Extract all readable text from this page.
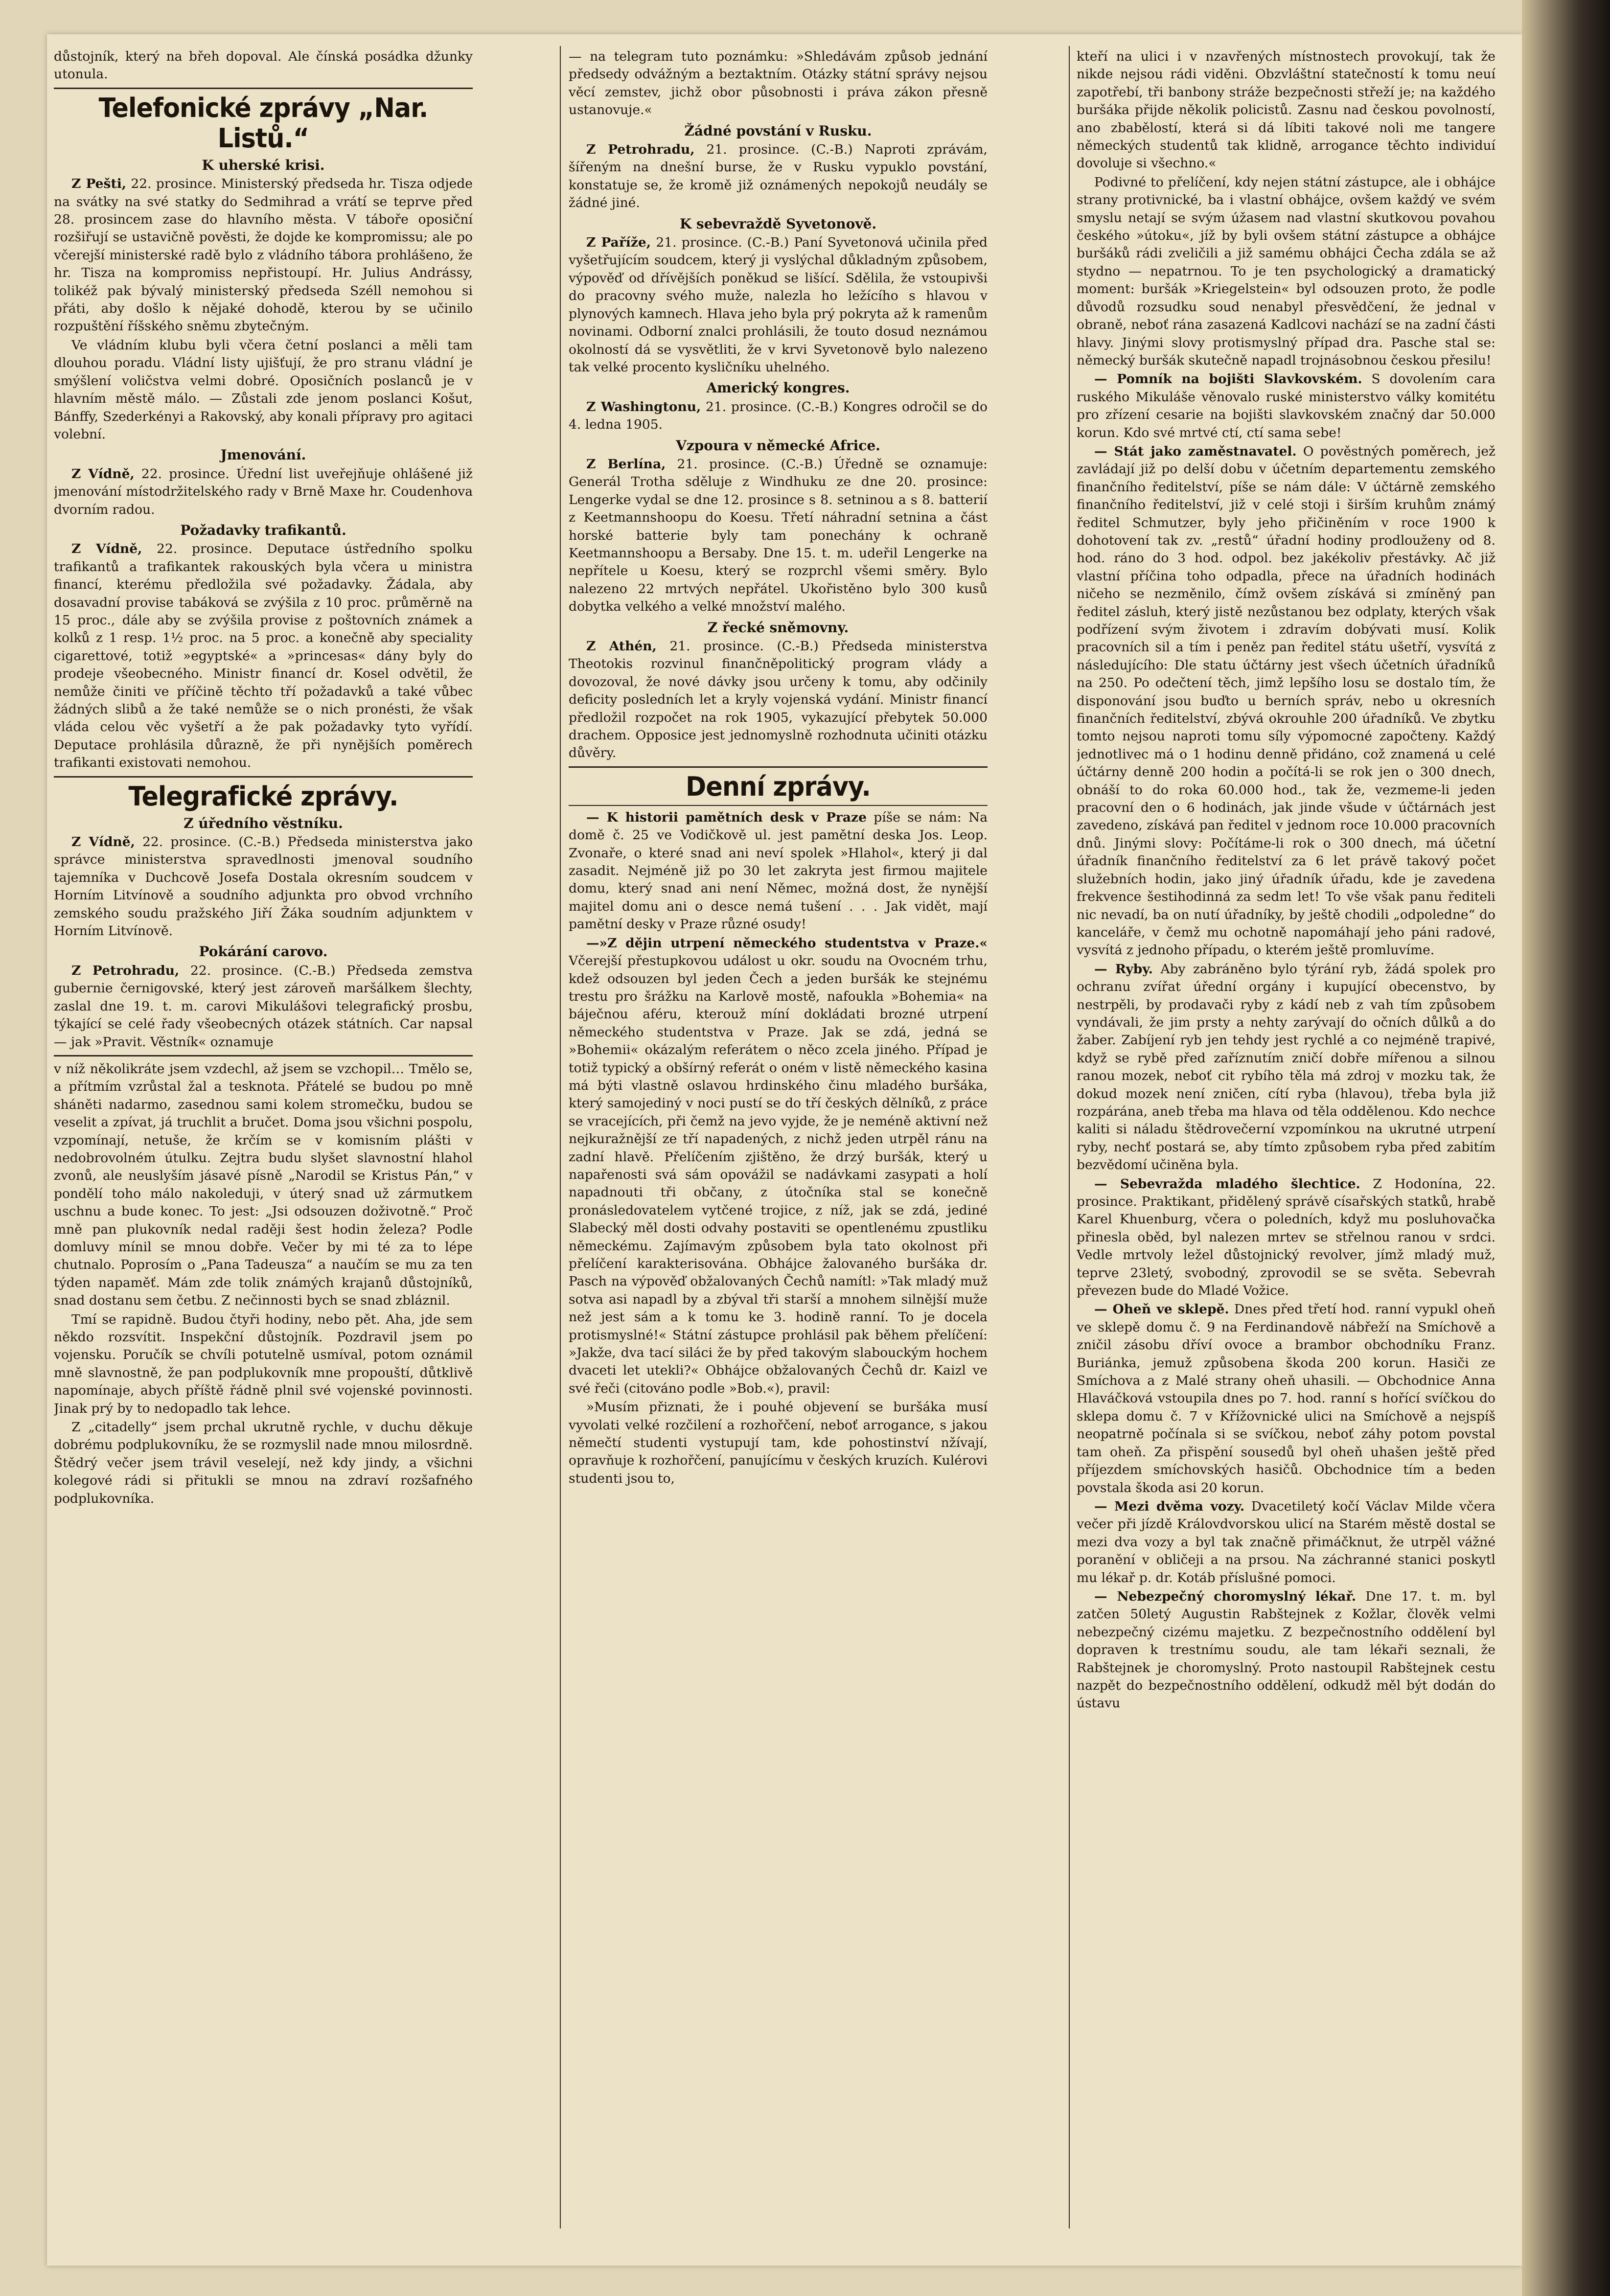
důstojník, který na břeh dopoval. Ale čínská posádka džunky utonula.

Telefonické zprávy „Nar. Listů.“
K uherské krisi.

Z Pešti, 22. prosince. Ministerský předseda hr. Tisza odjede na svátky na své statky do Sedmihrad a vrátí se teprve před 28. prosincem zase do hlavního města. V táboře oposiční rozšiřují se ustavičně pověsti, že dojde ke kompromissu; ale po včerejší ministerské radě bylo z vládního tábora prohlášeno, že hr. Tisza na kompromiss nepřistoupí. Hr. Julius Andrássy, tolikéž pak bývalý ministerský předseda Széll nemohou si přáti, aby došlo k nějaké dohodě, kterou by se učinilo rozpuštění říšského sněmu zbytečným.

Ve vládním klubu byli včera četní poslanci a měli tam dlouhou poradu. Vládní listy ujišťují, že pro stranu vládní je smýšlení voličstva velmi dobré. Oposičních poslanců je v hlavním městě málo. — Zůstali zde jenom poslanci Košut, Bánffy, Szederkényi a Rakovský, aby konali přípravy pro agitaci volební.

Jmenování.

Z Vídně, 22. prosince. Úřední list uveřejňuje ohlášené již jmenování místodržitelského rady v Brně Maxe hr. Coudenhova dvorním radou.

Požadavky trafikantů.

Z Vídně, 22. prosince. Deputace ústředního spolku trafikantů a trafikantek rakouských byla včera u ministra financí, kterému předložila své požadavky. Žádala, aby dosavadní provise tabáková se zvýšila z 10 proc. průměrně na 15 proc., dále aby se zvýšila provise z poštovních známek a kolků z 1 resp. 1½ proc. na 5 proc. a konečně aby speciality cigarettové, totiž »egyptské« a »princesas« dány byly do prodeje všeobecného. Ministr financí dr. Kosel odvětil, že nemůže činiti ve příčině těchto tří požadavků a také vůbec žádných slibů a že také nemůže se o nich pronésti, že však vláda celou věc vyšetří a že pak požadavky tyto vyřídí. Deputace prohlásila důrazně, že při nynějších poměrech trafikanti existovati nemohou.

Telegrafické zprávy.
Z úředního věstníku.

Z Vídně, 22. prosince. (C.-B.) Předseda ministerstva jako správce ministerstva spravedlnosti jmenoval soudního tajemníka v Duchcově Josefa Dostala okresním soudcem v Horním Litvínově a soudního adjunkta pro obvod vrchního zemského soudu pražského Jiří Žáka soudním adjunktem v Horním Litvínově.

Pokárání carovo.

Z Petrohradu, 22. prosince. (C.-B.) Předseda zemstva gubernie černigovské, který jest zároveň maršálkem šlechty, zaslal dne 19. t. m. carovi Mikulášovi telegrafický prosbu, týkající se celé řady všeobecných otázek státních. Car napsal — jak »Pravit. Věstník« oznamuje

v níž několikráte jsem vzdechl, až jsem se vzchopil… Tmělo se, a přítmím vzrůstal žal a tesknota. Přátelé se budou po mně sháněti nadarmo, zasednou sami kolem stromečku, budou se veselit a zpívat, já truchlit a bručet. Doma jsou všichni pospolu, vzpomínají, netuše, že krčím se v komisním plášti v nedobrovolném útulku. Zejtra budu slyšet slavnostní hlahol zvonů, ale neuslyším jásavé písně „Narodil se Kristus Pán,“ v pondělí toho málo nakoleduji, v úterý snad už zármutkem uschnu a bude konec. To jest: „Jsi odsouzen doživotně.“ Proč mně pan plukovník nedal raději šest hodin železa? Podle domluvy mínil se mnou dobře. Večer by mi té za to lépe chutnalo. Poprosím o „Pana Tadeusza“ a naučím se mu za ten týden napaměť. Mám zde tolik známých krajanů důstojníků, snad dostanu sem četbu. Z nečinnosti bych se snad zbláznil.

Tmí se rapidně. Budou čtyři hodiny, nebo pět. Aha, jde sem někdo rozsvítit. Inspekční důstojník. Pozdravil jsem po vojensku. Poručík se chvíli potutelně usmíval, potom oznámil mně slavnostně, že pan podplukovník mne propouští, důtklivě napomínaje, abych příště řádně plnil své vojenské povinnosti. Jinak prý by to nedopadlo tak lehce.

Z „citadelly“ jsem prchal ukrutně rychle, v duchu děkuje dobrému podplukovníku, že se rozmyslil nade mnou milosrdně. Štědrý večer jsem trávil veselejí, než kdy jindy, a všichni kolegové rádi si přitukli se mnou na zdraví rozšafného podplukovníka.

— na telegram tuto poznámku: »Shledávám způsob jednání předsedy odvážným a beztaktním. Otázky státní správy nejsou věcí zemstev, jichž obor působnosti i práva zákon přesně ustanovuje.«

Žádné povstání v Rusku.

Z Petrohradu, 21. prosince. (C.-B.) Naproti zprávám, šířeným na dnešní burse, že v Rusku vypuklo povstání, konstatuje se, že kromě již oznámených nepokojů neudály se žádné jiné.

K sebevraždě Syvetonově.

Z Paříže, 21. prosince. (C.-B.) Paní Syvetonová učinila před vyšetřujícím soudcem, který ji vyslýchal důkladným způsobem, výpověď od dřívějších poněkud se lišící. Sdělila, že vstoupivši do pracovny svého muže, nalezla ho ležícího s hlavou v plynových kamnech. Hlava jeho byla prý pokryta až k ramenům novinami. Odborní znalci prohlásili, že touto dosud neznámou okolností dá se vysvětliti, že v krvi Syvetonově bylo nalezeno tak velké procento kysličníku uhelného.

Americký kongres.

Z Washingtonu, 21. prosince. (C.-B.) Kongres odročil se do 4. ledna 1905.

Vzpoura v německé Africe.

Z Berlína, 21. prosince. (C.-B.) Úředně se oznamuje: Generál Trotha sděluje z Windhuku ze dne 20. prosince: Lengerke vydal se dne 12. prosince s 8. setninou a s 8. batterií z Keetmannshoopu do Koesu. Třetí náhradní setnina a část horské batterie byly tam ponechány k ochraně Keetmannshoopu a Bersaby. Dne 15. t. m. udeřil Lengerke na nepřítele u Koesu, který se rozprchl všemi směry. Bylo nalezeno 22 mrtvých nepřátel. Ukořistěno bylo 300 kusů dobytka velkého a velké množství malého.

Z řecké sněmovny.

Z Athén, 21. prosince. (C.-B.) Předseda ministerstva Theotokis rozvinul finančněpolitický program vlády a dovozoval, že nové dávky jsou určeny k tomu, aby odčinily deficity posledních let a kryly vojenská vydání. Ministr financí předložil rozpočet na rok 1905, vykazující přebytek 50.000 drachem. Opposice jest jednomyslně rozhodnuta učiniti otázku důvěry.

Denní zprávy.

— K historii pamětních desk v Praze píše se nám: Na domě č. 25 ve Vodičkově ul. jest pamětní deska Jos. Leop. Zvonaře, o které snad ani neví spolek »Hlahol«, který ji dal zasadit. Nejméně již po 30 let zakryta jest firmou majitele domu, který snad ani není Němec, možná dost, že nynější majitel domu ani o desce nemá tušení . . . Jak vidět, mají pamětní desky v Praze různé osudy!

—»Z dějin utrpení německého studentstva v Praze.« Včerejší přestupkovou událost u okr. soudu na Ovocném trhu, kdež odsouzen byl jeden Čech a jeden buršák ke stejnému trestu pro šrážku na Karlově mostě, nafoukla »Bohemia« na báječnou aféru, kterouž míní dokládati brozné utrpení německého studentstva v Praze. Jak se zdá, jedná se »Bohemii« okázalým referátem o něco zcela jiného. Případ je totiž typický a obšírný referát o oném v listě německého kasina má býti vlastně oslavou hrdinského činu mladého buršáka, který samojediný v noci pustí se do tří českých dělníků, z práce se vracejících, při čemž na jevo vyjde, že je neméně aktivní než nejkuražnější ze tří napadených, z nichž jeden utrpěl ránu na zadní hlavě. Přelíčením zjištěno, že drzý buršák, který u napařenosti svá sám opovážil se nadávkami zasypati a holí napadnouti tři občany, z útočníka stal se konečně pronásledovatelem vytčené trojice, z níž, jak se zdá, jediné Slabecký měl dosti odvahy postaviti se opentlenému zpustliku německému. Zajímavým způsobem byla tato okolnost při přelíčení karakterisována. Obhájce žalovaného buršáka dr. Pasch na výpověď obžalovaných Čechů namítl: »Tak mladý muž sotva asi napadl by a zbýval tři starší a mnohem silnější muže než jest sám a k tomu ke 3. hodině ranní. To je docela protismyslné!« Státní zástupce prohlásil pak během přelíčení: »Jakže, dva tací siláci že by před takovým slabouckým hochem dvaceti let utekli?« Obhájce obžalovaných Čechů dr. Kaizl ve své řeči (citováno podle »Bob.«), pravil:

»Musím přiznati, že i pouhé objevení se buršáka musí vyvolati velké rozčilení a rozhořčení, neboť arrogance, s jakou němečtí studenti vystupují tam, kde pohostinství nžívají, opravňuje k rozhořčení, panujícímu v českých kruzích. Kulérovi studenti jsou to,

kteří na ulici i v nzavřených místnostech provokují, tak že nikde nejsou rádi viděni. Obzvláštní statečností k tomu neuí zapotřebí, tři banbony stráže bezpečnosti střeží je; na každého buršáka přijde několik policistů. Zasnu nad českou povolností, ano zbabělostí, která si dá líbiti takové noli me tangere německých studentů tak klidně, arrogance těchto individuí dovoluje si všechno.«

Podivné to přelíčení, kdy nejen státní zástupce, ale i obhájce strany protivnické, ba i vlastní obhájce, ovšem každý ve svém smyslu netají se svým úžasem nad vlastní skutkovou povahou českého »útoku«, jíž by byli ovšem státní zástupce a obhájce buršáků rádi zveličili a již samému obhájci Čecha zdála se až stydno — nepatrnou. To je ten psychologický a dramatický moment: buršák »Kriegelstein« byl odsouzen proto, že podle důvodů rozsudku soud nenabyl přesvědčení, že jednal v obraně, neboť rána zasazená Kadlcovi nachází se na zadní části hlavy. Jinými slovy protismyslný případ dra. Pasche stal se: německý buršák skutečně napadl trojnásobnou českou přesilu!

— Pomník na bojišti Slavkovském. S dovolením cara ruského Mikuláše věnovalo ruské ministerstvo války komitétu pro zřízení cesarie na bojišti slavkovském značný dar 50.000 korun. Kdo své mrtvé ctí, ctí sama sebe!

— Stát jako zaměstnavatel. O pověstných poměrech, jež zavládají již po delší dobu v účetním departementu zemského finančního ředitelství, píše se nám dále: V účtárně zemského finančního ředitelství, již v celé stoji i širším kruhům známý ředitel Schmutzer, byly jeho přičiněním v roce 1900 k dohotovení tak zv. „restů“ úřadní hodiny prodlouženy od 8. hod. ráno do 3 hod. odpol. bez jakékoliv přestávky. Ač již vlastní příčina toho odpadla, přece na úřadních hodinách ničeho se nezměnilo, čímž ovšem získává si zmíněný pan ředitel zásluh, který jistě nezůstanou bez odplaty, kterých však podřízení svým životem i zdravím dobývati musí. Kolik pracovních sil a tím i peněz pan ředitel státu ušetří, vysvítá z následujícího: Dle statu účtárny jest všech účetních úřadníků na 250. Po odečtení těch, jimž lepšího losu se dostalo tím, že disponování jsou buďto u berních správ, nebo u okresních finančních ředitelství, zbývá okrouhle 200 úřadníků. Ve zbytku tomto nejsou naproti tomu síly výpomocné započteny. Každý jednotlivec má o 1 hodinu denně přidáno, což znamená u celé účtárny denně 200 hodin a počítá-li se rok jen o 300 dnech, obnáší to do roka 60.000 hod., tak že, vezmeme-li jeden pracovní den o 6 hodinách, jak jinde všude v účtárnách jest zavedeno, získává pan ředitel v jednom roce 10.000 pracovních dnů. Jinými slovy: Počítáme-li rok o 300 dnech, má účetní úřadník finančního ředitelství za 6 let právě takový počet služebních hodin, jako jiný úřadník úřadu, kde je zavedena frekvence šestihodinná za sedm let! To vše však panu řediteli nic nevadí, ba on nutí úřadníky, by ještě chodili „odpoledne“ do kanceláře, v čemž mu ochotně napomáhají jeho páni radové, vysvítá z jednoho případu, o kterém ještě promluvíme.

— Ryby. Aby zabráněno bylo týrání ryb, žádá spolek pro ochranu zvířat úřední orgány i kupující obecenstvo, by nestrpěli, by prodavači ryby z kádí neb z vah tím způsobem vyndávali, že jim prsty a nehty zarývají do očních důlků a do žaber. Zabíjení ryb jen tehdy jest rychlé a co nejméně trapivé, když se rybě před zaříznutím zničí dobře mířenou a silnou ranou mozek, neboť cit rybího těla má zdroj v mozku tak, že dokud mozek není zničen, cítí ryba (hlavou), třeba byla již rozpárána, aneb třeba ma hlava od těla oddělenou. Kdo nechce kaliti si náladu štědrovečerní vzpomínkou na ukrutné utrpení ryby, nechť postará se, aby tímto způsobem ryba před zabitím bezvědomí učiněna byla.

— Sebevražda mladého šlechtice. Z Hodonína, 22. prosince. Praktikant, přidělený správě císařských statků, hrabě Karel Khuenburg, včera o poledních, když mu posluhovačka přinesla oběd, byl nalezen mrtev se střelnou ranou v srdci. Vedle mrtvoly ležel důstojnický revolver, jímž mladý muž, teprve 23letý, svobodný, zprovodil se se světa. Sebevrah převezen bude do Mladé Vožice.

— Oheň ve sklepě. Dnes před třetí hod. ranní vypukl oheň ve sklepě domu č. 9 na Ferdinandově nábřeží na Smíchově a zničil zásobu dříví ovoce a brambor obchodníku Franz. Buriánka, jemuž způsobena škoda 200 korun. Hasiči ze Smíchova a z Malé strany oheň uhasili. — Obchodnice Anna Hlaváčková vstoupila dnes po 7. hod. ranní s hořící svíčkou do sklepa domu č. 7 v Křížovnické ulici na Smíchově a nejspíš neopatrně počínala si se svíčkou, neboť záhy potom povstal tam oheň. Za přispění sousedů byl oheň uhašen ještě před příjezdem smíchovských hasičů. Obchodnice tím a beden povstala škoda asi 20 korun.

— Mezi dvěma vozy. Dvacetiletý kočí Václav Milde včera večer při jízdě Královdvorskou ulicí na Starém městě dostal se mezi dva vozy a byl tak značně přimáčknut, že utrpěl vážné poranění v obličeji a na prsou. Na záchranné stanici poskytl mu lékař p. dr. Kotáb příslušné pomoci.

— Nebezpečný choromyslný lékař. Dne 17. t. m. byl zatčen 50letý Augustin Rabštejnek z Kožlar, člověk velmi nebezpečný cizému majetku. Z bezpečnostního oddělení byl dopraven k trestnímu soudu, ale tam lékaři seznali, že Rabštejnek je choromyslný. Proto nastoupil Rabštejnek cestu nazpět do bezpečnostního oddělení, odkudž měl být dodán do ústavu
